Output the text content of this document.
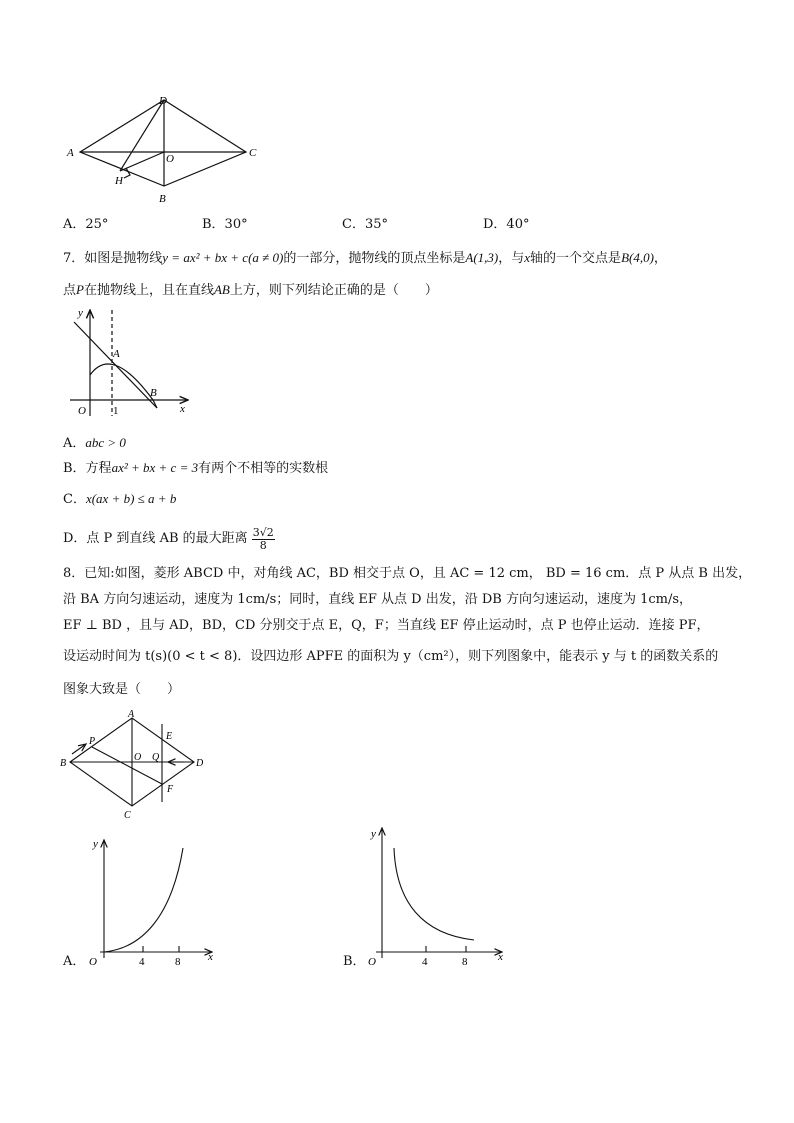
A
B
C
D
O
H
A．25°	B．30°	C．35°	D．40°
7．如图是抛物线y = ax² + bx + c(a ≠ 0)的一部分，抛物线的顶点坐标是A(1,3)，与x轴的一个交点是B(4,0)，
点P在抛物线上，且在直线AB上方，则下列结论正确的是（　　）
y
x
O 1
A
B
A．abc > 0
B．方程ax² + bx + c = 3有两个不相等的实数根
C．x(ax + b) ≤ a + b
D．点 P 到直线 AB 的最大距离 $\frac{3√2}{8}$
8．已知:如图，菱形 ABCD 中，对角线 AC，BD 相交于点 O，且 AC = 12 cm， BD = 16 cm．点 P 从点 B 出发，
沿 BA 方向匀速运动，速度为 1cm/s；同时，直线 EF 从点 D 出发，沿 DB 方向匀速运动，速度为 1cm/s，
EF ⊥ BD ，且与 AD，BD，CD 分别交于点 E，Q，F；当直线 EF 停止运动时，点 P 也停止运动．连接 PF，
设运动时间为 t(s)(0 < t < 8)．设四边形 APFE 的面积为 y（cm²），则下列图象中，能表示 y 与 t 的函数关系的
图象大致是（　　）
A
B
C
D
O Q
E
F
P
A．
y
x
O	4	8	B．
y
x
O	4	8
